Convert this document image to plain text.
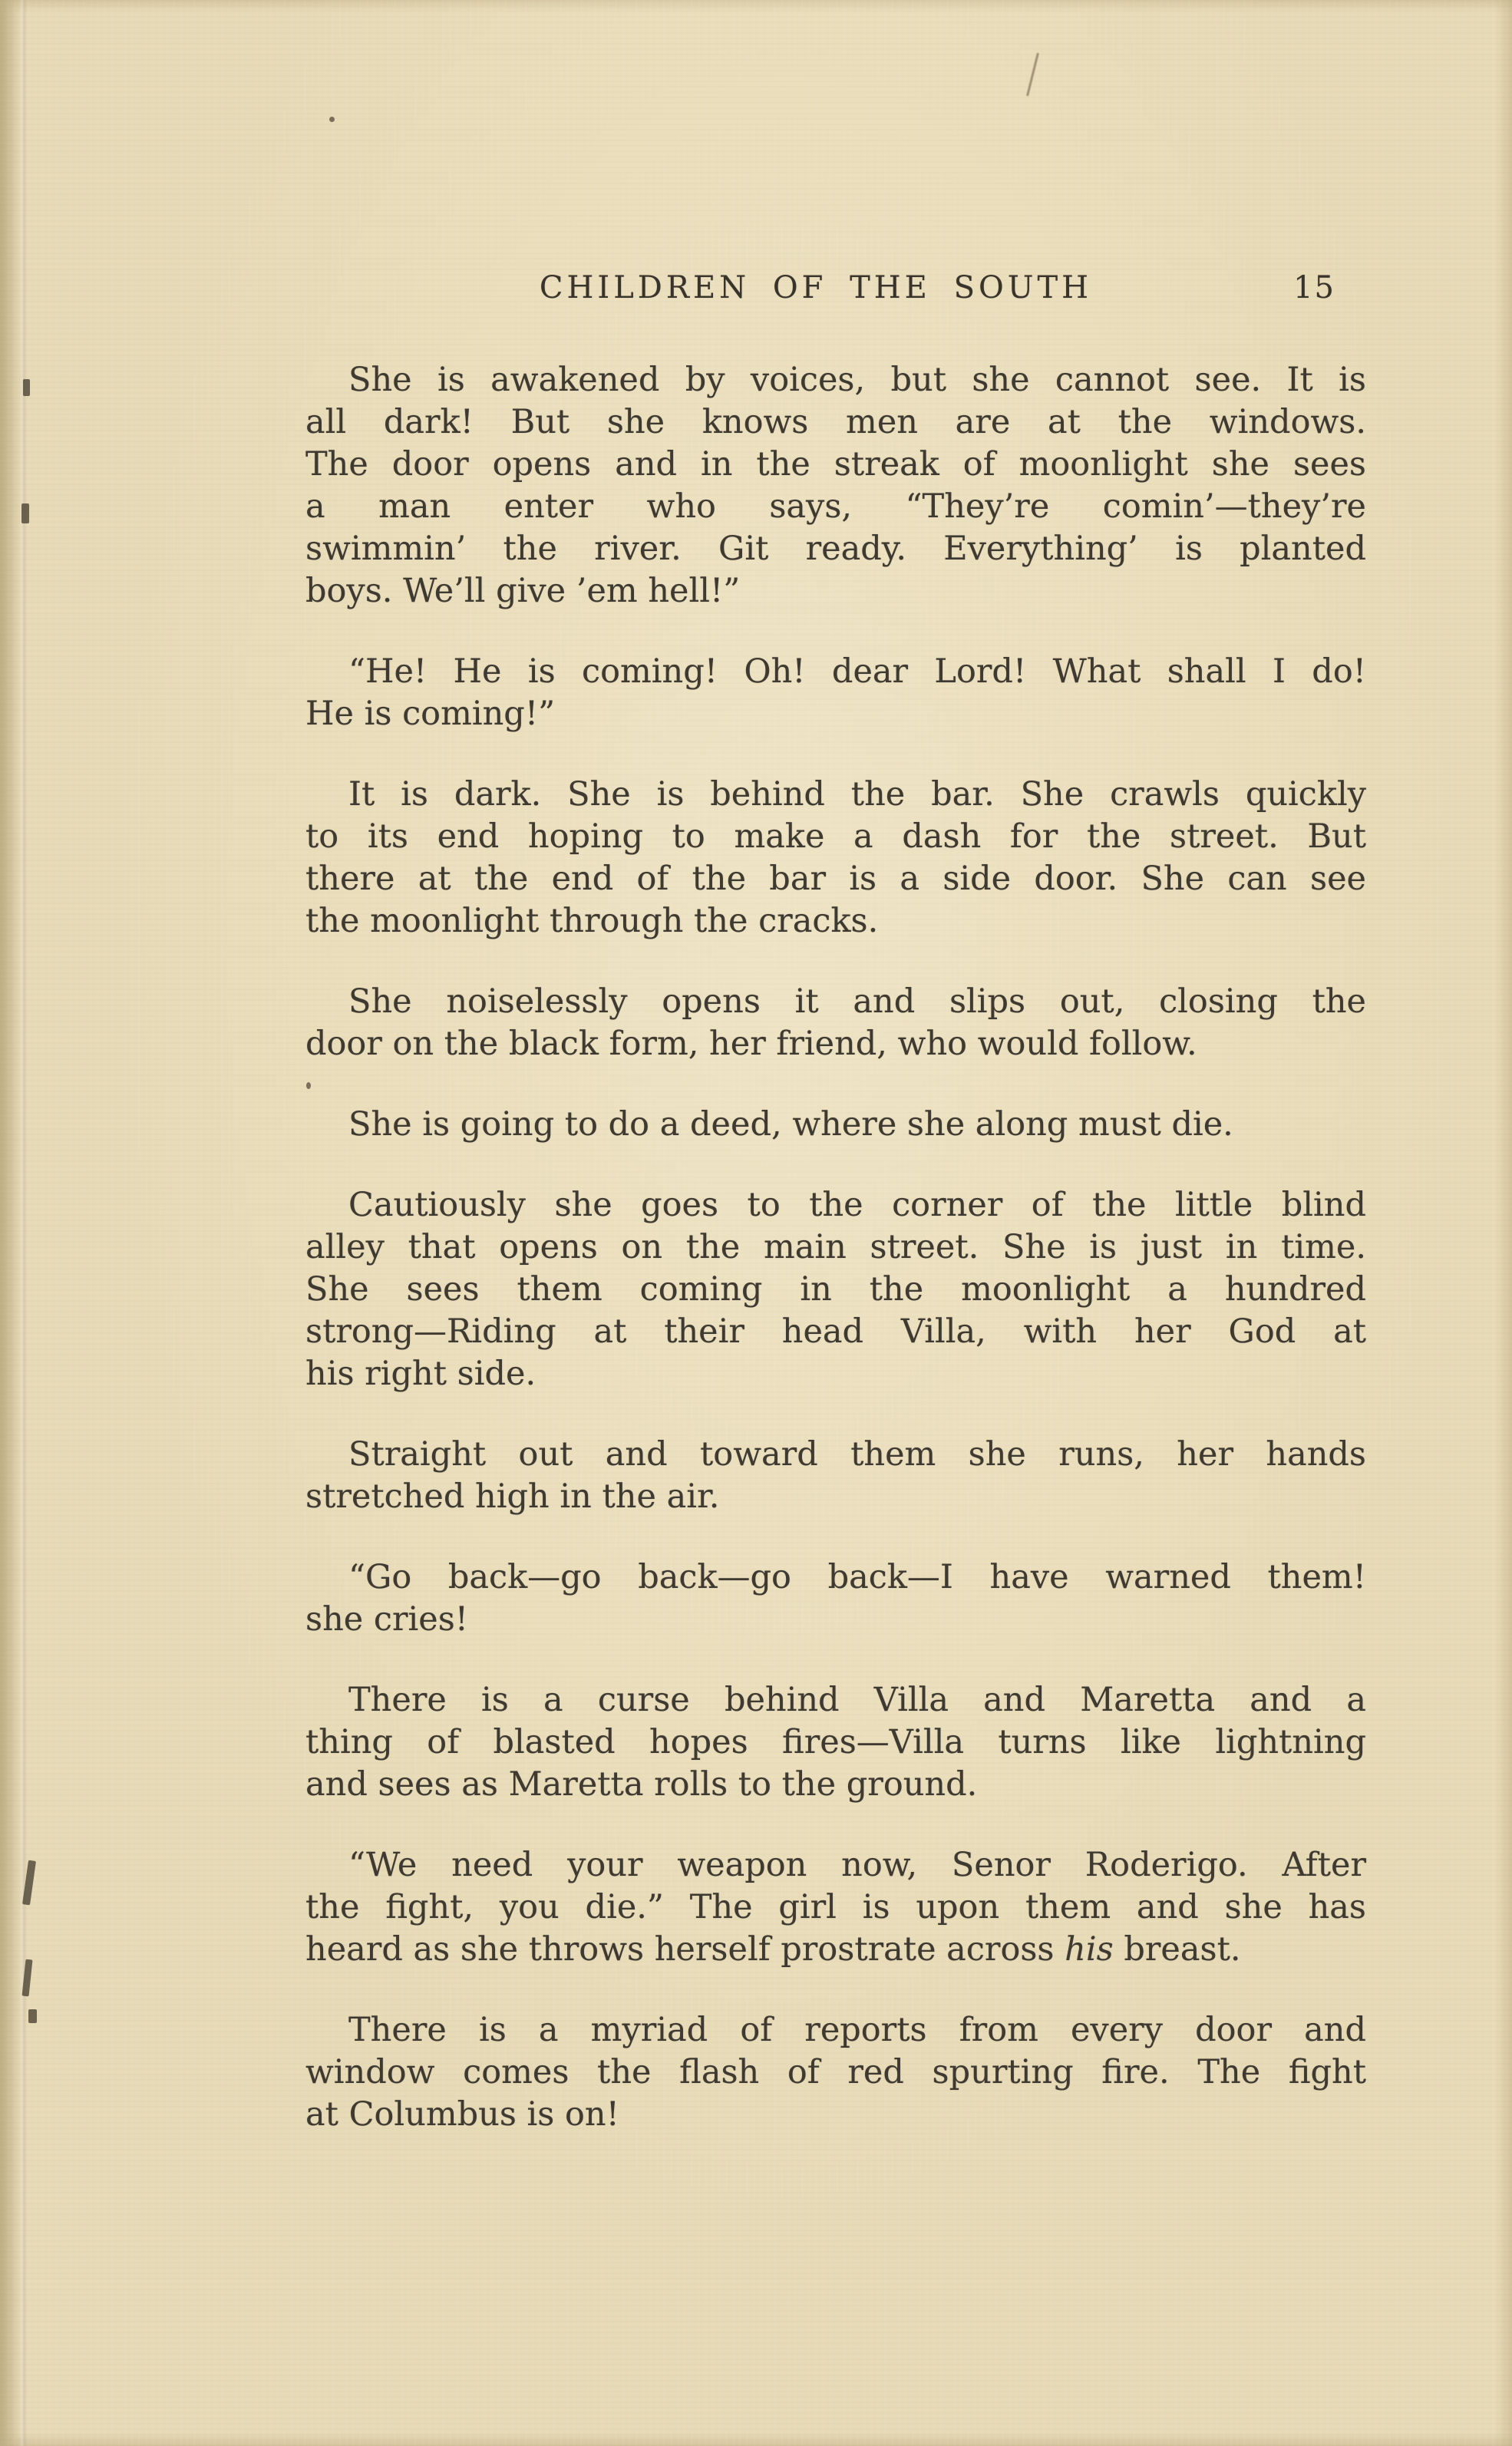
CHILDREN OF THE SOUTH	15
She is awakened by voices, but she cannot see. It is
all dark! But she knows men are at the windows.
The door opens and in the streak of moonlight she sees
a man enter who says, “They’re comin’—they’re
swimmin’ the river. Git ready. Everything’ is planted
boys. We’ll give ’em hell!”
“He! He is coming! Oh! dear Lord! What shall I do!
He is coming!”
It is dark. She is behind the bar. She crawls quickly
to its end hoping to make a dash for the street. But
there at the end of the bar is a side door. She can see
the moonlight through the cracks.
She noiselessly opens it and slips out, closing the
door on the black form, her friend, who would follow.
She is going to do a deed, where she along must die.
Cautiously she goes to the corner of the little blind
alley that opens on the main street. She is just in time.
She sees them coming in the moonlight a hundred
strong—Riding at their head Villa, with her God at
his right side.
Straight out and toward them she runs, her hands
stretched high in the air.
“Go back—go back—go back—I have warned them!
she cries!
There is a curse behind Villa and Maretta and a
thing of blasted hopes fires—Villa turns like lightning
and sees as Maretta rolls to the ground.
“We need your weapon now, Senor Roderigo. After
the fight, you die.” The girl is upon them and she has
heard as she throws herself prostrate across his breast.
There is a myriad of reports from every door and
window comes the flash of red spurting fire. The fight
at Columbus is on!
